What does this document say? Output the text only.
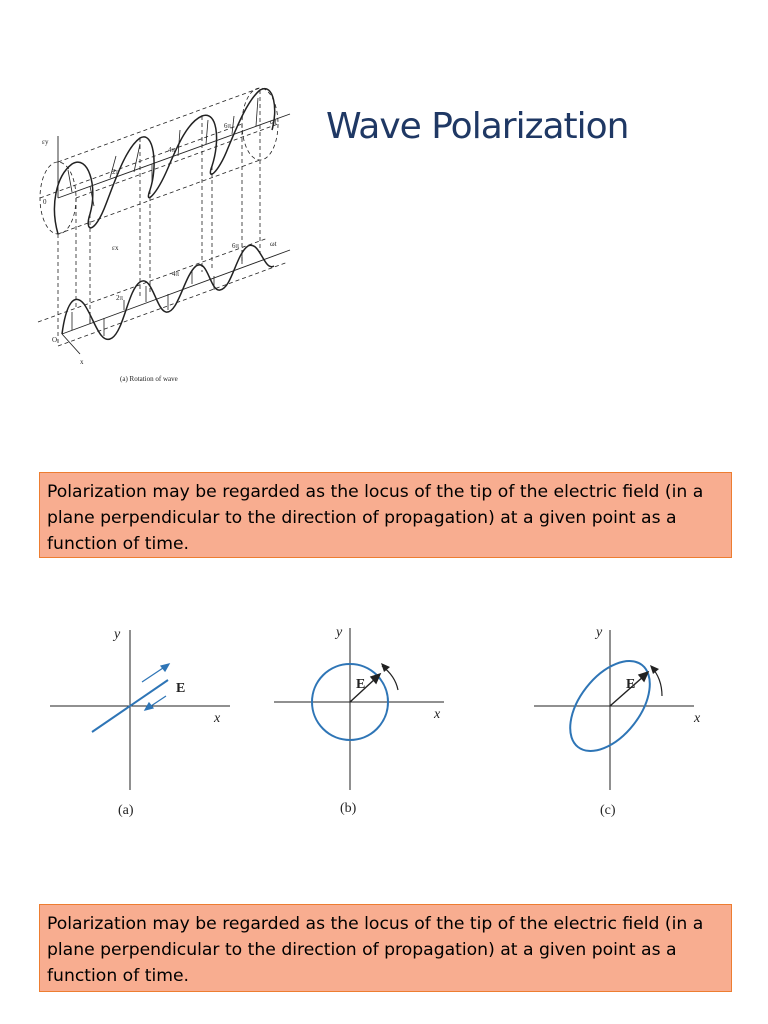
Wave Polarization
εy
εx
0
O
x
ωt
ωt
2π
4π
6π
2π
4π
6π
(a) Rotation of wave
Polarization may be regarded as the locus of the tip of the electric field (in a plane perpendicular to the direction of propagation) at a given point as a function of time.
y
x
E
(a)
y
x
E
(b)
y
x
E
(c)
Polarization may be regarded as the locus of the tip of the electric field (in a plane perpendicular to the direction of propagation) at a given point as a function of time.
